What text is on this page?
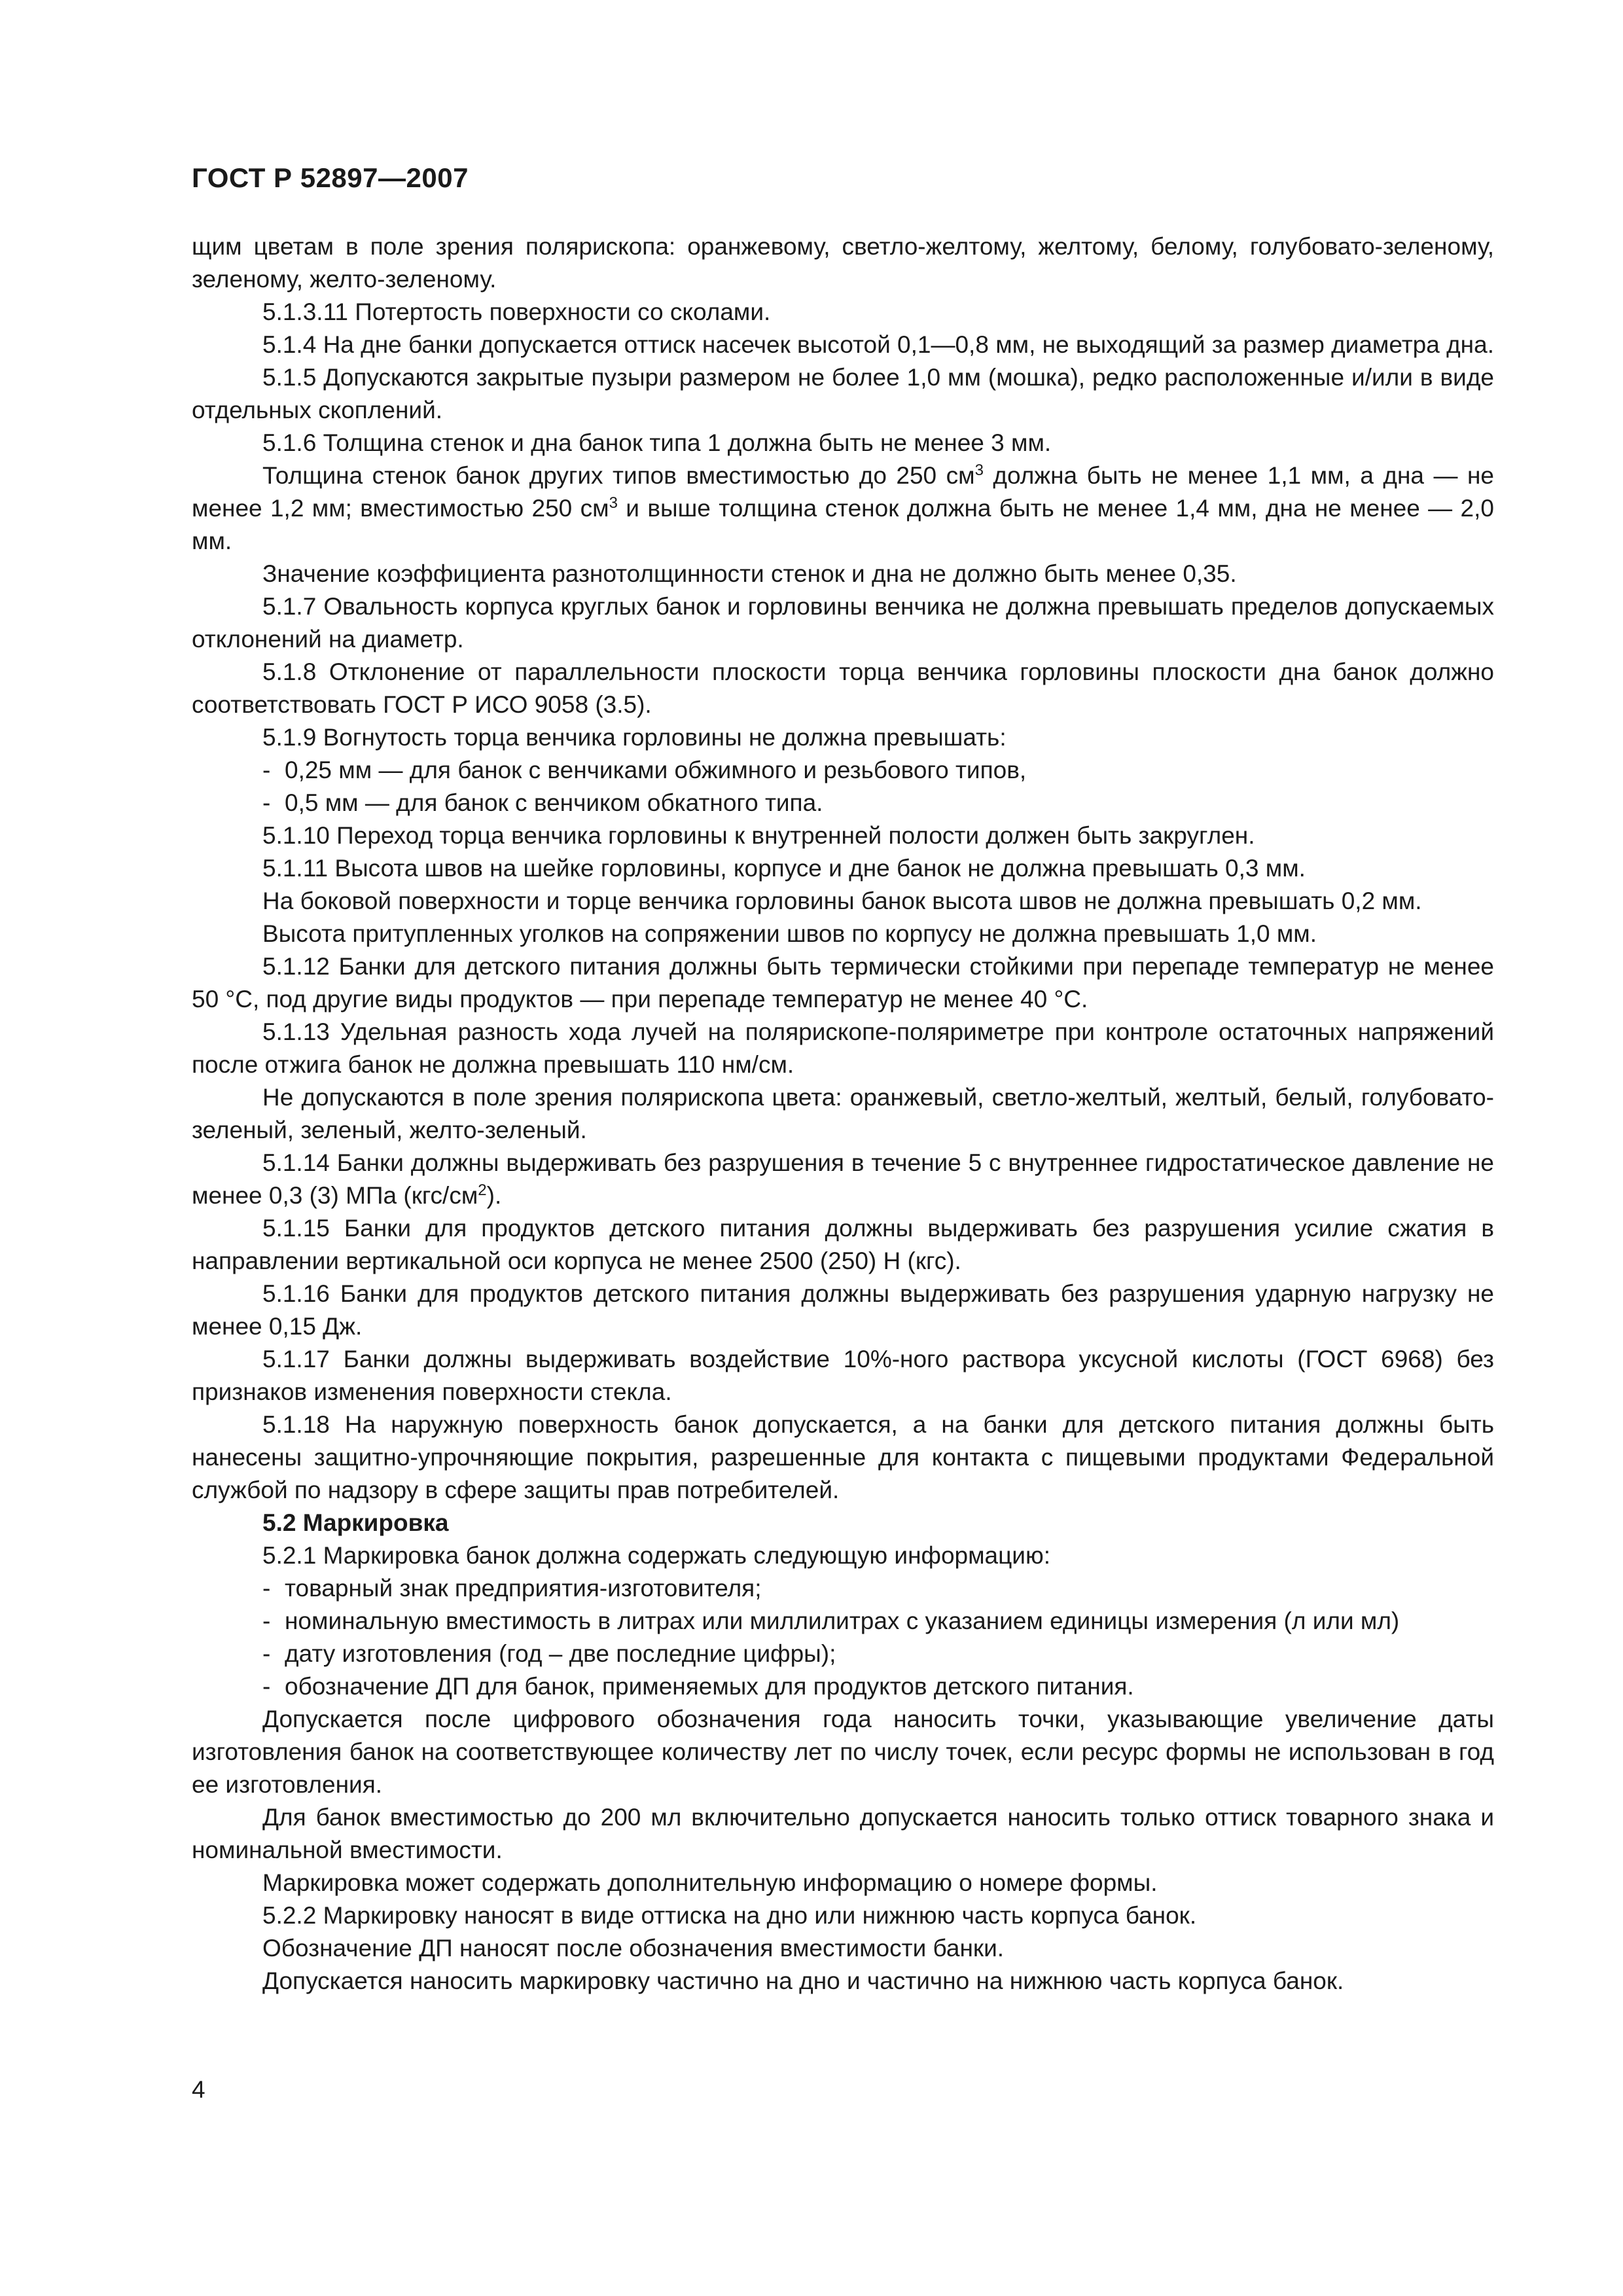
ГОСТ Р 52897—2007

щим цветам в поле зрения полярископа: оранжевому, светло-желтому, желтому, белому, голубовато-зеленому, зеленому, желто-зеленому.

5.1.3.11 Потертость поверхности со сколами.

5.1.4 На дне банки допускается оттиск насечек высотой 0,1—0,8 мм, не выходящий за размер диаметра дна.

5.1.5 Допускаются закрытые пузыри размером не более 1,0 мм (мошка), редко расположенные и/или в виде отдельных скоплений.

5.1.6 Толщина стенок и дна банок типа 1 должна быть не менее 3 мм.

Толщина стенок банок других типов вместимостью до 250 $см^3$ должна быть не менее 1,1 мм, а дна — не менее 1,2 мм; вместимостью 250 $см^3$ и выше толщина стенок должна быть не менее 1,4 мм, дна не менее — 2,0 мм.

Значение коэффициента разнотолщинности стенок и дна не должно быть менее 0,35.

5.1.7 Овальность корпуса круглых банок и горловины венчика не должна превышать пределов допускаемых отклонений на диаметр.

5.1.8 Отклонение от параллельности плоскости торца венчика горловины плоскости дна банок должно соответствовать ГОСТ Р ИСО 9058 (3.5).

5.1.9 Вогнутость торца венчика горловины не должна превышать:

- 0,25 мм — для банок с венчиками обжимного и резьбового типов,

- 0,5 мм — для банок с венчиком обкатного типа.

5.1.10 Переход торца венчика горловины к внутренней полости должен быть закруглен.

5.1.11 Высота швов на шейке горловины, корпусе и дне банок не должна превышать 0,3 мм.

На боковой поверхности и торце венчика горловины банок высота швов не должна превышать 0,2 мм.

Высота притупленных уголков на сопряжении швов по корпусу не должна превышать 1,0 мм.

5.1.12 Банки для детского питания должны быть термически стойкими при перепаде температур не менее 50 °С, под другие виды продуктов — при перепаде температур не менее 40 °С.

5.1.13 Удельная разность хода лучей на полярископе-поляриметре при контроле остаточных напряжений после отжига банок не должна превышать 110 нм/см.

Не допускаются в поле зрения полярископа цвета: оранжевый, светло-желтый, желтый, белый, голубовато-зеленый, зеленый, желто-зеленый.

5.1.14 Банки должны выдерживать без разрушения в течение 5 с внутреннее гидростатическое давление не менее 0,3 (3) МПа $(кгс/см^2)$.

5.1.15 Банки для продуктов детского питания должны выдерживать без разрушения усилие сжатия в направлении вертикальной оси корпуса не менее 2500 (250) Н (кгс).

5.1.16 Банки для продуктов детского питания должны выдерживать без разрушения ударную нагрузку не менее 0,15 Дж.

5.1.17 Банки должны выдерживать воздействие 10%-ного раствора уксусной кислоты (ГОСТ 6968) без признаков изменения поверхности стекла.

5.1.18 На наружную поверхность банок допускается, а на банки для детского питания должны быть нанесены защитно-упрочняющие покрытия, разрешенные для контакта с пищевыми продуктами Федеральной службой по надзору в сфере защиты прав потребителей.

5.2 Маркировка

5.2.1 Маркировка банок должна содержать следующую информацию:

- товарный знак предприятия-изготовителя;

- номинальную вместимость в литрах или миллилитрах с указанием единицы измерения (л или мл)

- дату изготовления (год – две последние цифры);

- обозначение ДП для банок, применяемых для продуктов детского питания.

Допускается после цифрового обозначения года наносить точки, указывающие увеличение даты изготовления банок на соответствующее количеству лет по числу точек, если ресурс формы не использован в год ее изготовления.

Для банок вместимостью до 200 мл включительно допускается наносить только оттиск товарного знака и номинальной вместимости.

Маркировка может содержать дополнительную информацию о номере формы.

5.2.2 Маркировку наносят в виде оттиска на дно или нижнюю часть корпуса банок.

Обозначение ДП наносят после обозначения вместимости банки.

Допускается наносить маркировку частично на дно и частично на нижнюю часть корпуса банок.

4
